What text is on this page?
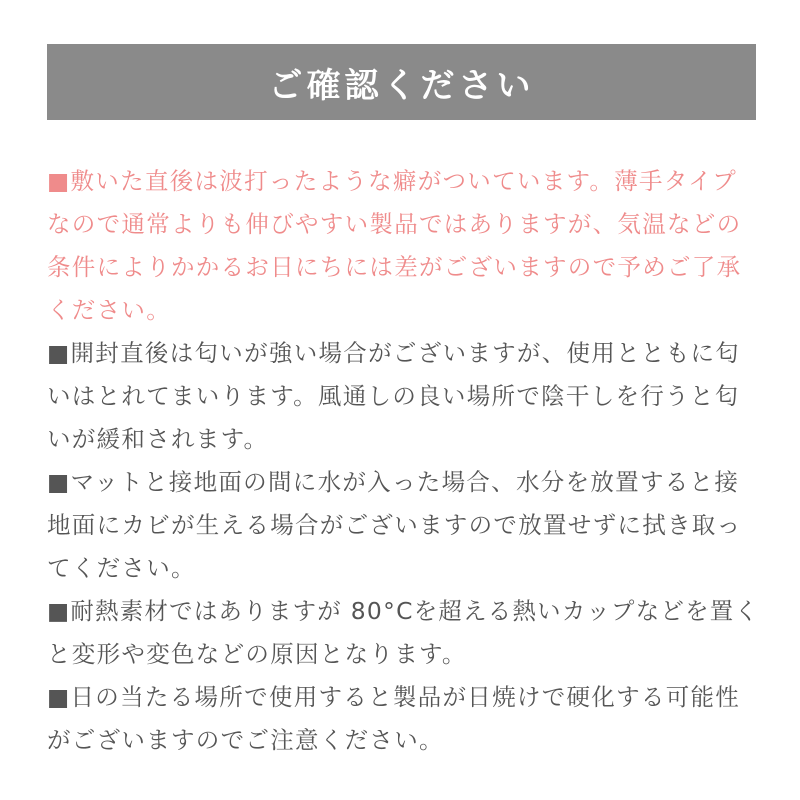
ご確認ください

■敷いた直後は波打ったような癖がついています。薄手タイプ
なので通常よりも伸びやすい製品ではありますが、気温などの
条件によりかかるお日にちには差がございますので予めご了承
ください。

■開封直後は匂いが強い場合がございますが、使用とともに匂
いはとれてまいります。風通しの良い場所で陰干しを行うと匂
いが緩和されます。

■マットと接地面の間に水が入った場合、水分を放置すると接
地面にカビが生える場合がございますので放置せずに拭き取っ
てください。

■耐熱素材ではありますが 80°Cを超える熱いカップなどを置く
と変形や変色などの原因となります。

■日の当たる場所で使用すると製品が日焼けで硬化する可能性
がございますのでご注意ください。
